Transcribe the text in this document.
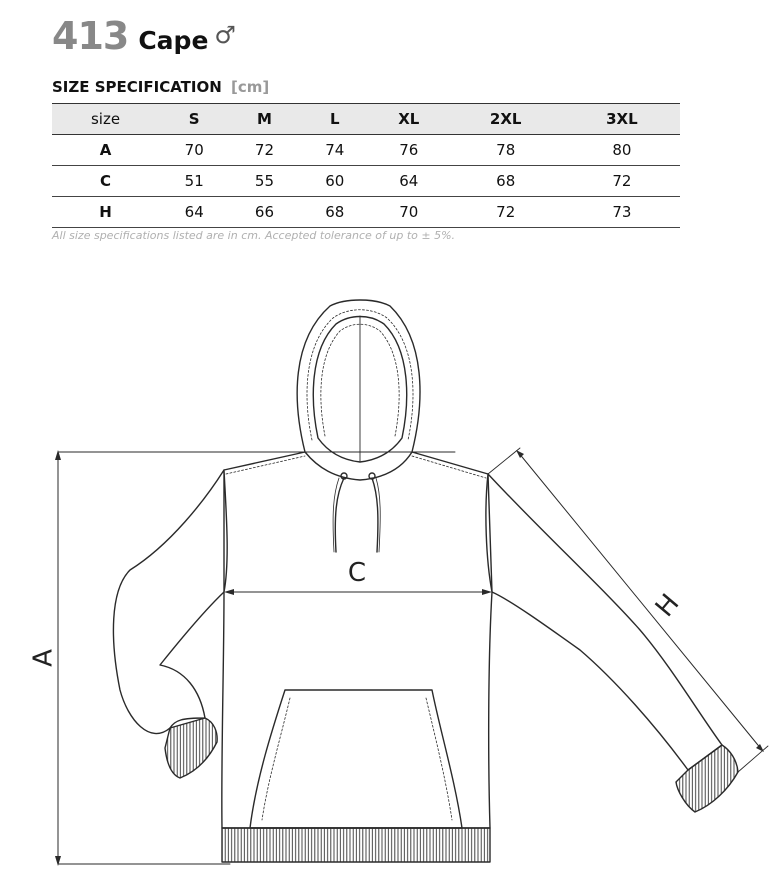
413 Cape ♂
SIZE SPECIFICATION [cm]
size	S	M	L	XL	2XL	3XL
A	70	72	74	76	78	80
C	51	55	60	64	68	72
H	64	66	68	70	72	73
All size specifications listed are in cm. Accepted tolerance of up to ± 5%.
A
C
H
